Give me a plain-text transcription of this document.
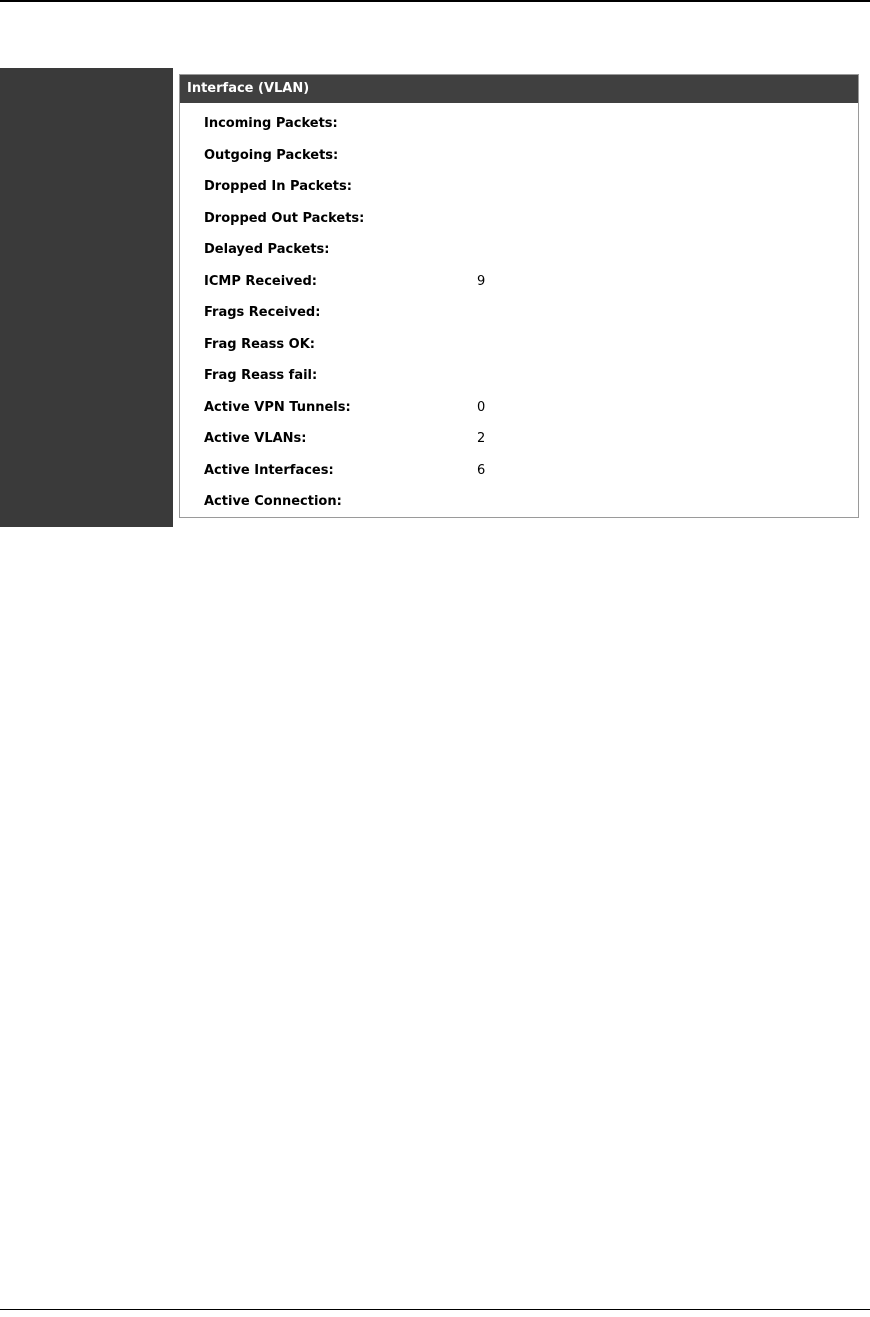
Interface (VLAN)
Incoming Packets:
Outgoing Packets:
Dropped In Packets:
Dropped Out Packets:
Delayed Packets:
ICMP Received:	9
Frags Received:
Frag Reass OK:
Frag Reass fail:
Active VPN Tunnels:	0
Active VLANs:	2
Active Interfaces:	6
Active Connection:
